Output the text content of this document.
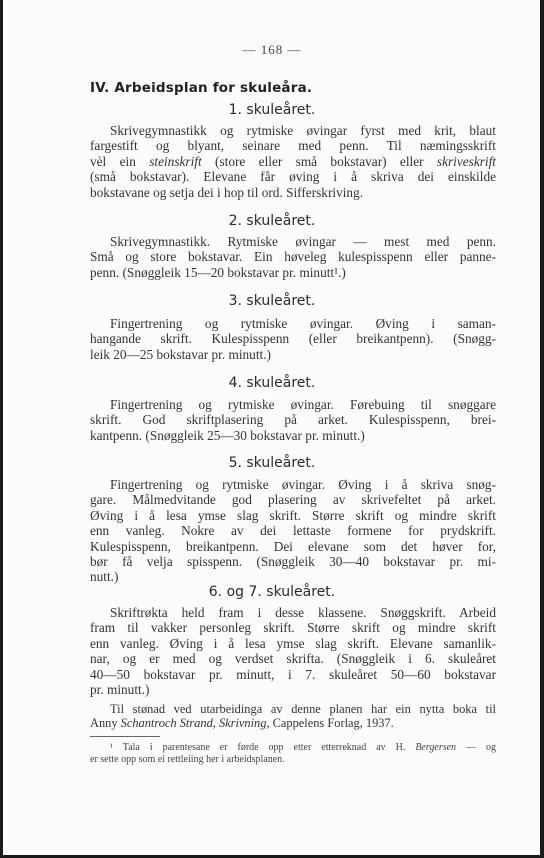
— 168 —
IV. Arbeidsplan for skuleåra.
1. skuleåret.
Skrivegymnastikk og rytmiske øvingar fyrst med krit, blaut
fargestift og blyant, seinare med penn. Til næmingsskrift
vèl ein steinskrift (store eller små bokstavar) eller skriveskrift
(små bokstavar). Elevane får øving i å skriva dei einskilde
bokstavane og setja dei i hop til ord. Sifferskriving.
2. skuleåret.
Skrivegymnastikk. Rytmiske øvingar — mest med penn.
Små og store bokstavar. Ein høveleg kulespisspenn eller panne-
penn. (Snøggleik 15—20 bokstavar pr. minutt¹.)
3. skuleåret.
Fingertrening og rytmiske øvingar. Øving i saman-
hangande skrift. Kulespisspenn (eller breikantpenn). (Snøgg-
leik 20—25 bokstavar pr. minutt.)
4. skuleåret.
Fingertrening og rytmiske øvingar. Førebuing til snøggare
skrift. God skriftplasering på arket. Kulespisspenn, brei-
kantpenn. (Snøggleik 25—30 bokstavar pr. minutt.)
5. skuleåret.
Fingertrening og rytmiske øvingar. Øving i å skriva snøg-
gare. Målmedvitande god plasering av skrivefeltet på arket.
Øving i å lesa ymse slag skrift. Større skrift og mindre skrift
enn vanleg. Nokre av dei lettaste formene for prydskrift.
Kulespisspenn, breikantpenn. Dei elevane som det høver for,
bør få velja spisspenn. (Snøggleik 30—40 bokstavar pr. mi-
nutt.)
6. og 7. skuleåret.
Skriftrøkta held fram i desse klassene. Snøggskrift. Arbeid
fram til vakker personleg skrift. Større skrift og mindre skrift
enn vanleg. Øving i å lesa ymse slag skrift. Elevane samanlik-
nar, og er med og verdset skrifta. (Snøggleik i 6. skuleåret
40—50 bokstavar pr. minutt, i 7. skuleåret 50—60 bokstavar
pr. minutt.)
Til stønad ved utarbeidinga av denne planen har ein nytta boka til
Anny Schantroch Strand, Skrivning, Cappelens Forlag, 1937.
¹ Tala i parentesane er førde opp etter etterreknad av H. Bergersen — og
er sette opp som ei rettleiing her i arbeidsplanen.
